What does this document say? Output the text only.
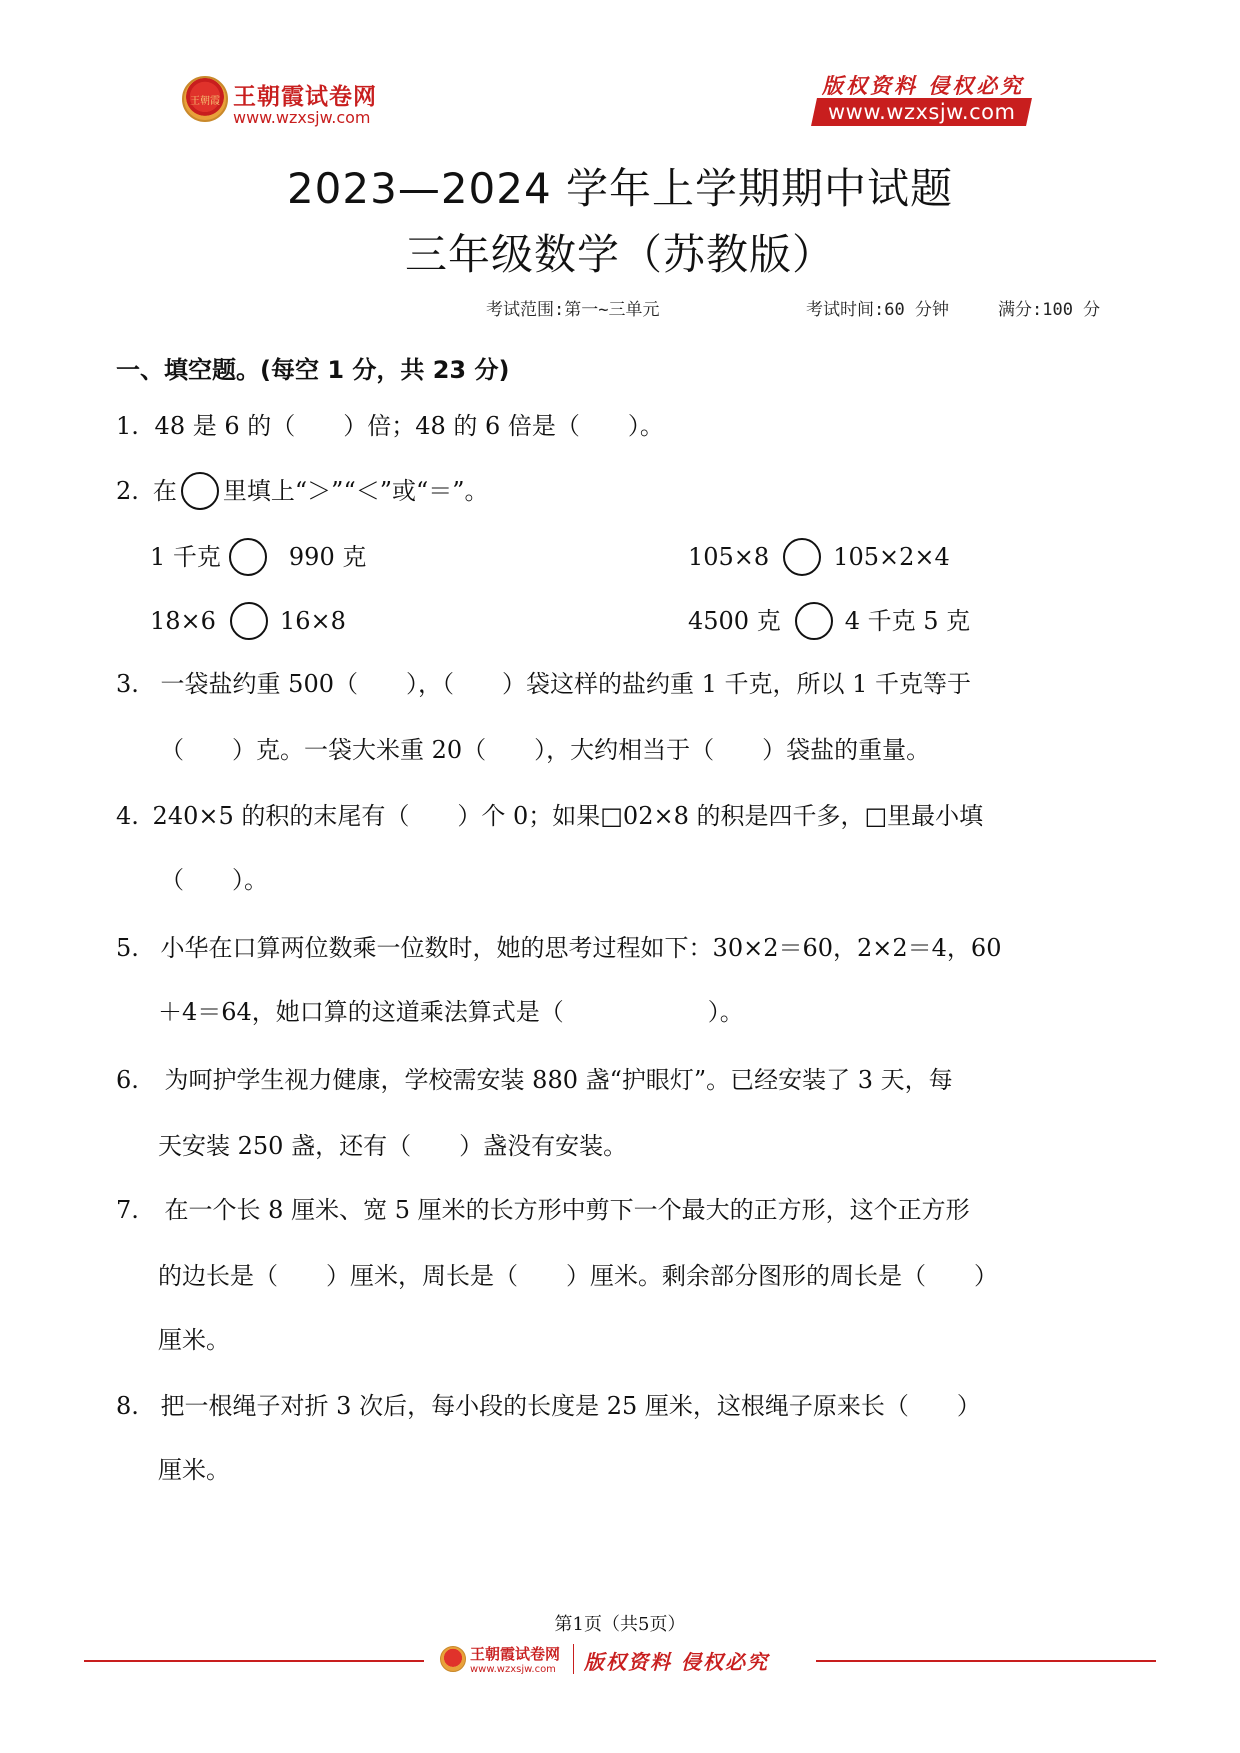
王朝霞 王朝霞试卷网
www.wzxsjw.com
版权资料 侵权必究
www.wzxsjw.com
2023—2024 学年上学期期中试题
三年级数学（苏教版）
考试范围:第一~三单元	考试时间:60 分钟	满分:100 分
一、填空题。(每空 1 分，共 23 分)
1. 48 是 6 的（　　）倍；48 的 6 倍是（　　）。
2. 在 里填上“＞”“＜”或“＝”。
1 千克	990 克	105×8	105×2×4
18×6	16×8	4500 克	4 千克 5 克
3. 一袋盐约重 500（　　），（　　）袋这样的盐约重 1 千克，所以 1 千克等于
（　　）克。一袋大米重 20（　　），大约相当于（　　）袋盐的重量。
4. 240×5 的积的末尾有（　　）个 0；如果□02×8 的积是四千多，□里最小填
（　　）。
5. 小华在口算两位数乘一位数时，她的思考过程如下：30×2＝60，2×2＝4，60
＋4＝64，她口算的这道乘法算式是（　　　　　　）。
6. 为呵护学生视力健康，学校需安装 880 盏“护眼灯”。已经安装了 3 天，每
天安装 250 盏，还有（　　）盏没有安装。
7. 在一个长 8 厘米、宽 5 厘米的长方形中剪下一个最大的正方形，这个正方形
的边长是（　　）厘米，周长是（　　）厘米。剩余部分图形的周长是（　　）
厘米。
8. 把一根绳子对折 3 次后，每小段的长度是 25 厘米，这根绳子原来长（　　）
厘米。
第1页（共5页）
王朝霞试卷网
www.wzxsjw.com 版权资料 侵权必究
